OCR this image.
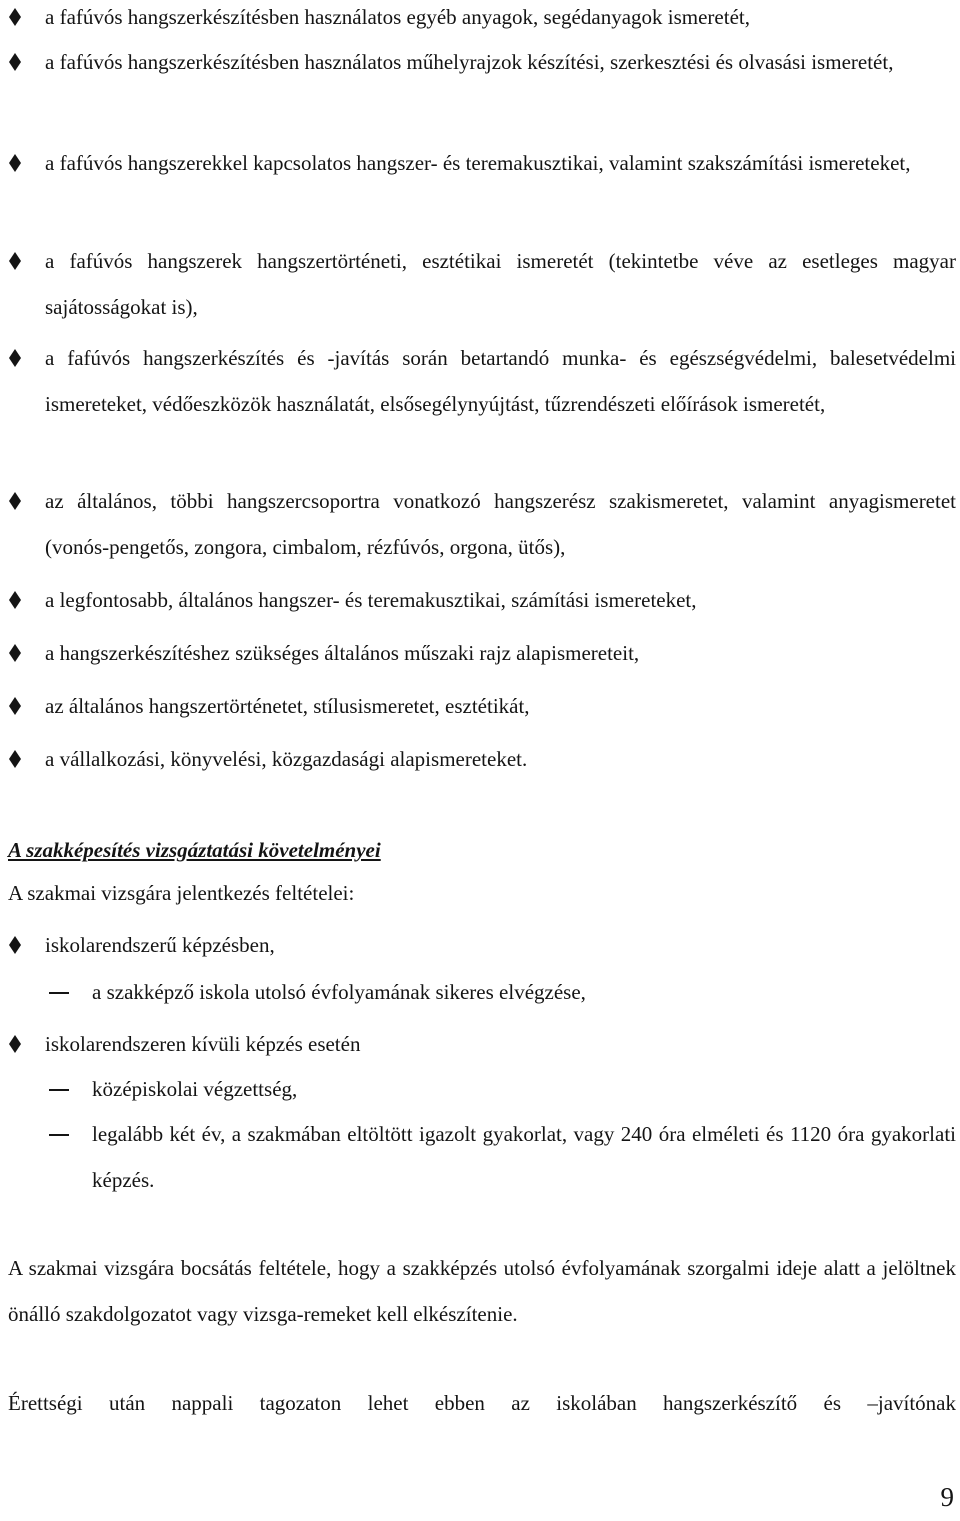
a fafúvós hangszerkészítésben használatos egyéb anyagok, segédanyagok ismeretét,
a fafúvós hangszerkészítésben használatos műhelyrajzok készítési, szerkesztési és olvasási ismeretét,
a fafúvós hangszerekkel kapcsolatos hangszer- és teremakusztikai, valamint szakszámítási ismereteket,
a fafúvós hangszerek hangszertörténeti, esztétikai ismeretét (tekintetbe véve az esetleges magyar sajátosságokat is),
a fafúvós hangszerkészítés és -javítás során betartandó munka- és egészségvédelmi, balesetvédelmi ismereteket, védőeszközök használatát, elsősegélynyújtást, tűzrendészeti előírások ismeretét,
az általános, többi hangszercsoportra vonatkozó hangszerész szakismeretet, valamint anyagismeretet (vonós-pengetős, zongora, cimbalom, rézfúvós, orgona, ütős),
a legfontosabb, általános hangszer- és teremakusztikai, számítási ismereteket,
a hangszerkészítéshez szükséges általános műszaki rajz alapismereteit,
az általános hangszertörténetet, stílusismeretet, esztétikát,
a vállalkozási, könyvelési, közgazdasági alapismereteket.
A szakképesítés vizsgáztatási követelményei
A szakmai vizsgára jelentkezés feltételei:
iskolarendszerű képzésben,
a szakképző iskola utolsó évfolyamának sikeres elvégzése,
iskolarendszeren kívüli képzés esetén
középiskolai végzettség,
legalább két év, a szakmában eltöltött igazolt gyakorlat, vagy 240 óra elméleti és 1120 óra gyakorlati képzés.
A szakmai vizsgára bocsátás feltétele, hogy a szakképzés utolsó évfolyamának szorgalmi ideje alatt a jelöltnek önálló szakdolgozatot vagy vizsga-remeket kell elkészítenie.
Érettségi után nappali tagozaton lehet ebben az iskolában hangszerkészítő és –javítónak
9
